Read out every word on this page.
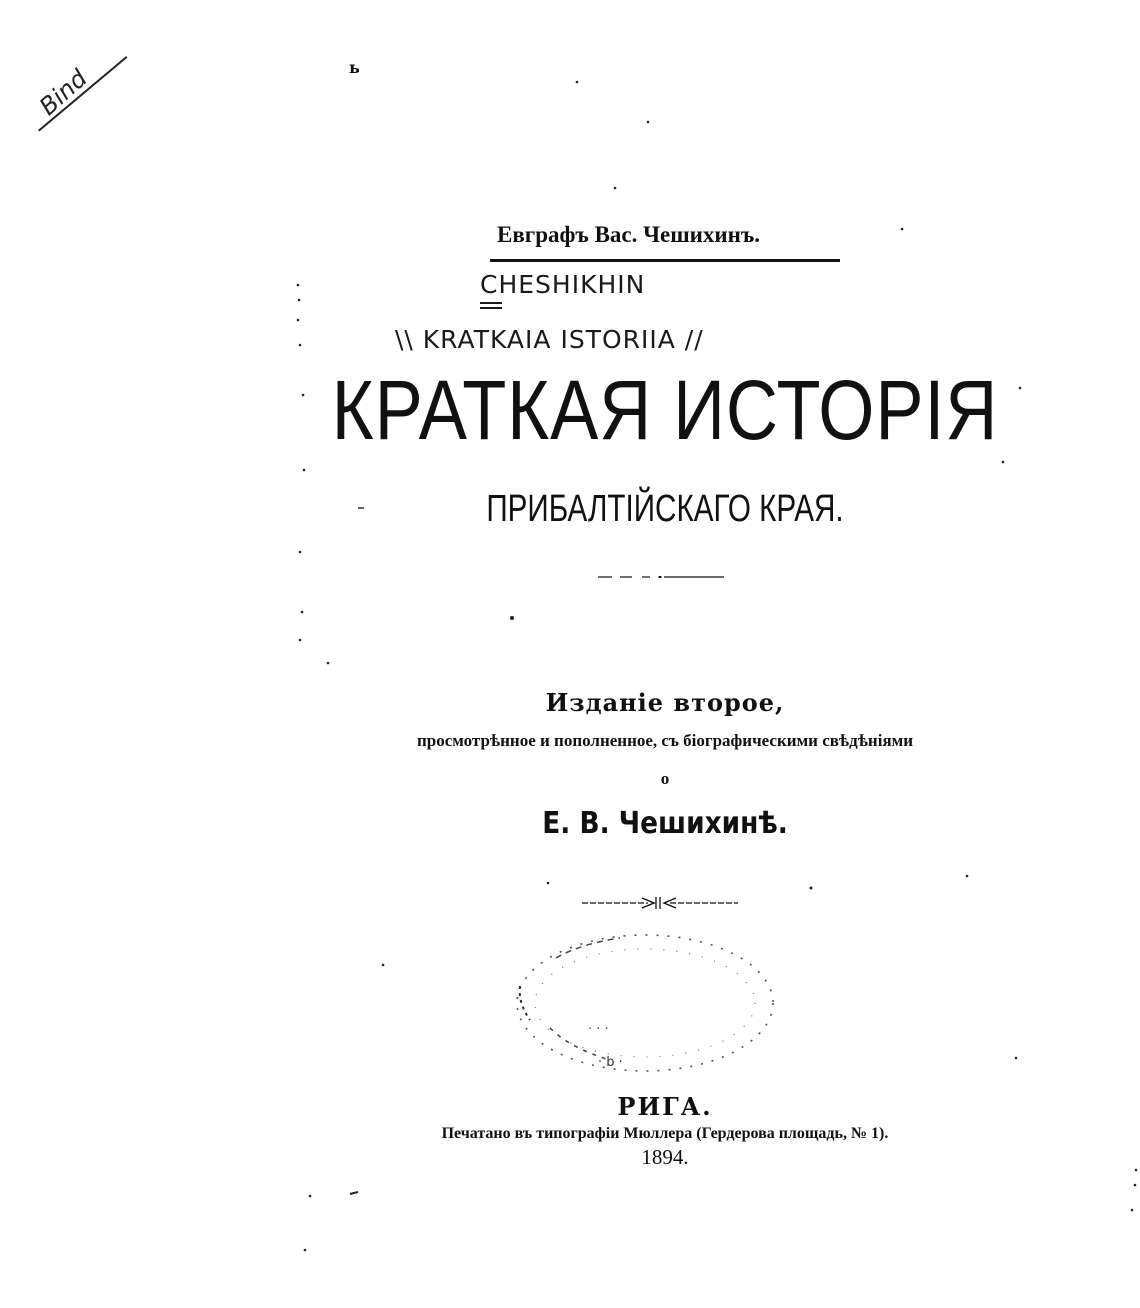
ь
Bind
Евграфъ Вас. Чешихинъ.
CHESHIKHIN
\\ KRATKAIA ISTORIIA //
КРАТКАЯ ИСТОРІЯ
ПРИБАЛТІЙСКАГО КРАЯ.
Изданіе второе,
просмотрѣнное и пополненное, съ біографическими свѣдѣніями
о
Е. В. Чешихинѣ.
· · ·
· b ·
РИГА.
Печатано въ типографіи Мюллера (Гердерова площадь, № 1).
1894.
